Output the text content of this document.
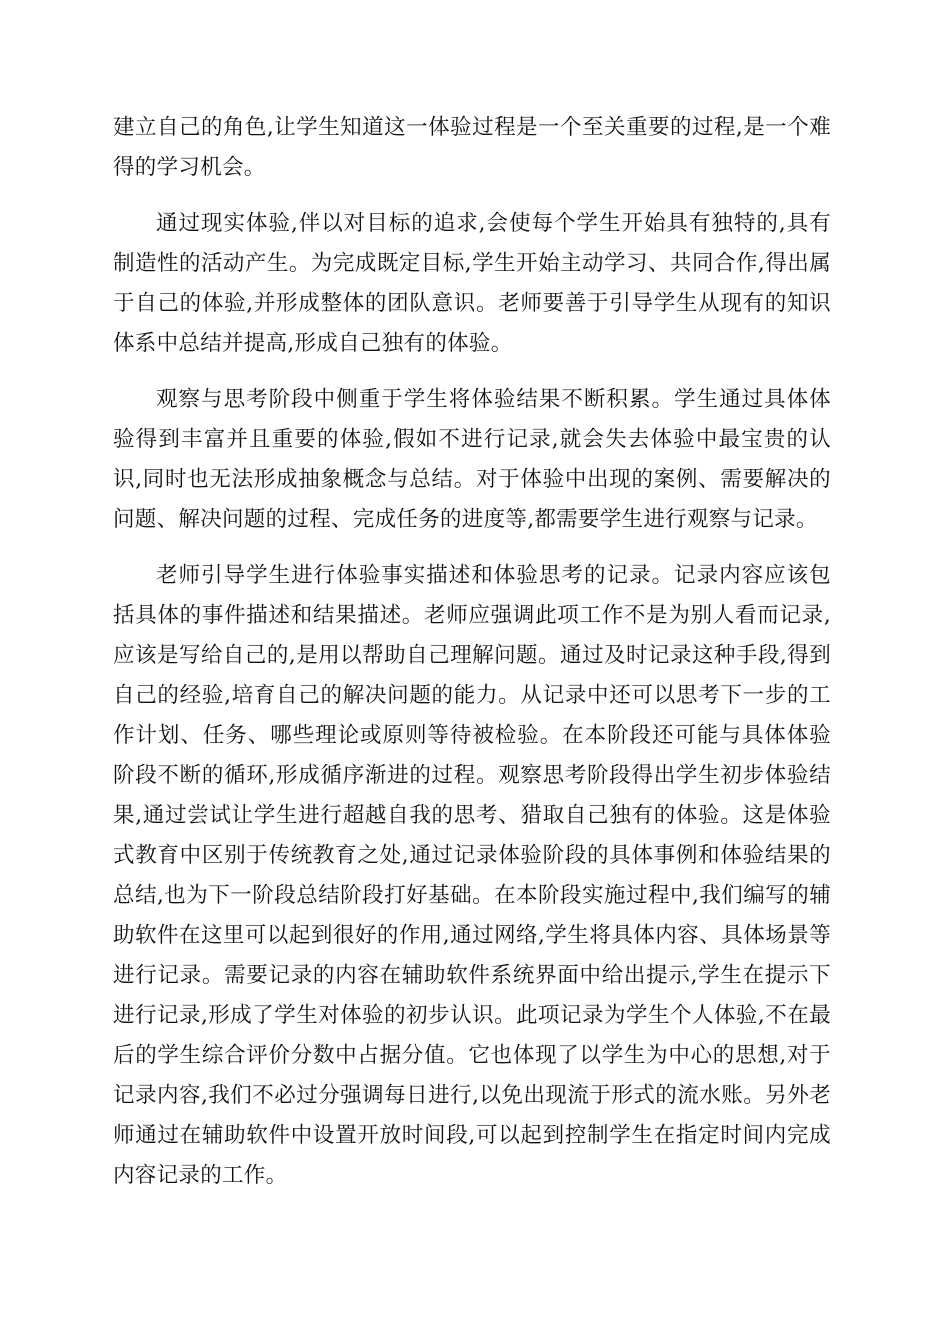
建立自己的角色,让学生知道这一体验过程是一个至关重要的过程,是一个难得的学习机会。

通过现实体验,伴以对目标的追求,会使每个学生开始具有独特的,具有制造性的活动产生。为完成既定目标,学生开始主动学习、共同合作,得出属于自己的体验,并形成整体的团队意识。老师要善于引导学生从现有的知识体系中总结并提高,形成自己独有的体验。

观察与思考阶段中侧重于学生将体验结果不断积累。学生通过具体体验得到丰富并且重要的体验,假如不进行记录,就会失去体验中最宝贵的认识,同时也无法形成抽象概念与总结。对于体验中出现的案例、需要解决的问题、解决问题的过程、完成任务的进度等,都需要学生进行观察与记录。

老师引导学生进行体验事实描述和体验思考的记录。记录内容应该包括具体的事件描述和结果描述。老师应强调此项工作不是为别人看而记录,应该是写给自己的,是用以帮助自己理解问题。通过及时记录这种手段,得到自己的经验,培育自己的解决问题的能力。从记录中还可以思考下一步的工作计划、任务、哪些理论或原则等待被检验。在本阶段还可能与具体体验阶段不断的循环,形成循序渐进的过程。观察思考阶段得出学生初步体验结果,通过尝试让学生进行超越自我的思考、猎取自己独有的体验。这是体验式教育中区别于传统教育之处,通过记录体验阶段的具体事例和体验结果的总结,也为下一阶段总结阶段打好基础。在本阶段实施过程中,我们编写的辅助软件在这里可以起到很好的作用,通过网络,学生将具体内容、具体场景等进行记录。需要记录的内容在辅助软件系统界面中给出提示,学生在提示下进行记录,形成了学生对体验的初步认识。此项记录为学生个人体验,不在最后的学生综合评价分数中占据分值。它也体现了以学生为中心的思想,对于记录内容,我们不必过分强调每日进行,以免出现流于形式的流水账。另外老师通过在辅助软件中设置开放时间段,可以起到控制学生在指定时间内完成内容记录的工作。
